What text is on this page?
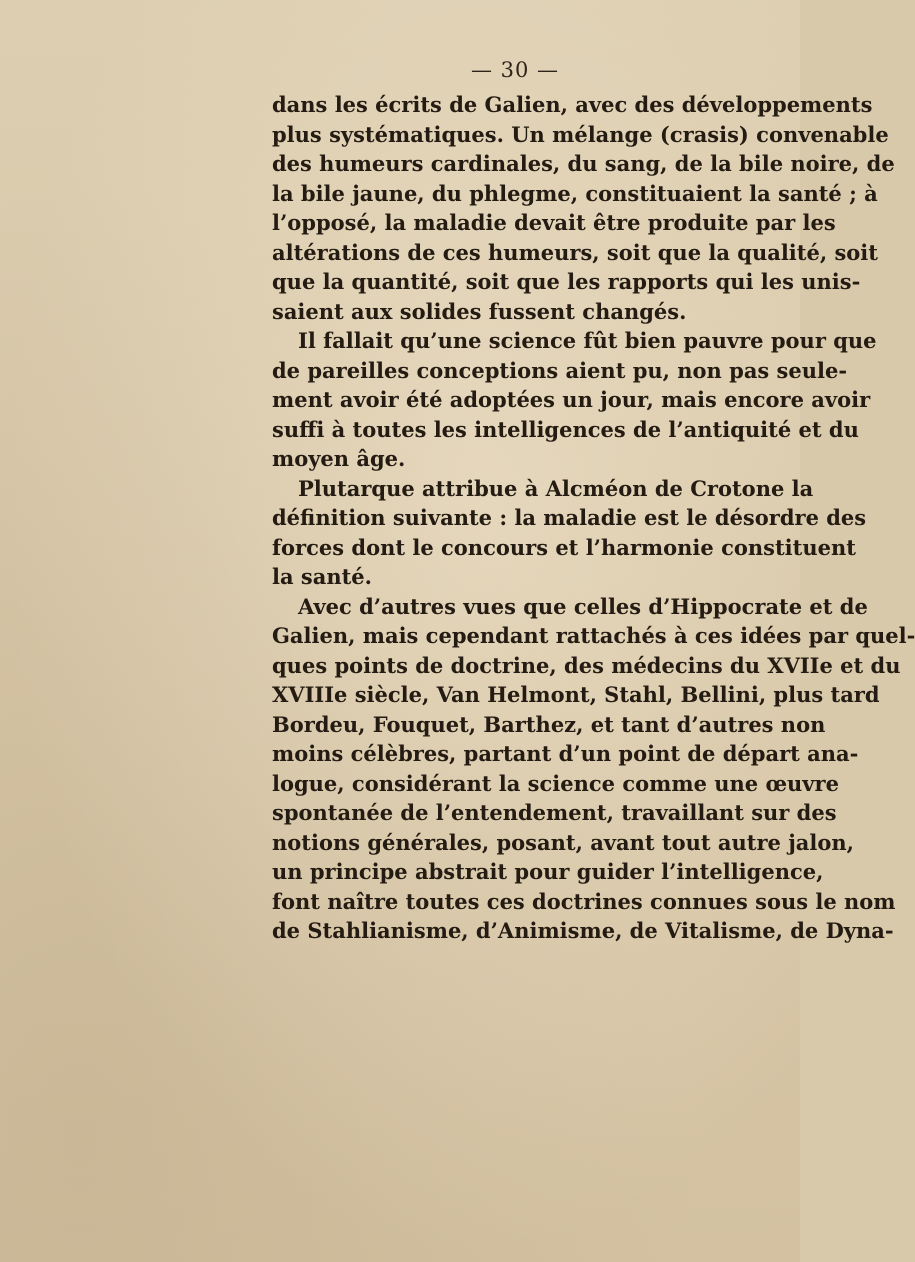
— 30 —
dans les écrits de Galien, avec des développements
plus systématiques. Un mélange (crasis) convenable
des humeurs cardinales, du sang, de la bile noire, de
la bile jaune, du phlegme, constituaient la santé ; à
l’opposé, la maladie devait être produite par les
altérations de ces humeurs, soit que la qualité, soit
que la quantité, soit que les rapports qui les unis-
saient aux solides fussent changés.
Il fallait qu’une science fût bien pauvre pour que
de pareilles conceptions aient pu, non pas seule-
ment avoir été adoptées un jour, mais encore avoir
suffi à toutes les intelligences de l’antiquité et du
moyen âge.
Plutarque attribue à Alcméon de Crotone la
définition suivante : la maladie est le désordre des
forces dont le concours et l’harmonie constituent
la santé.
Avec d’autres vues que celles d’Hippocrate et de
Galien, mais cependant rattachés à ces idées par quel-
ques points de doctrine, des médecins du XVIIe et du
XVIIIe siècle, Van Helmont, Stahl, Bellini, plus tard
Bordeu, Fouquet, Barthez, et tant d’autres non
moins célèbres, partant d’un point de départ ana-
logue, considérant la science comme une œuvre
spontanée de l’entendement, travaillant sur des
notions générales, posant, avant tout autre jalon,
un principe abstrait pour guider l’intelligence,
font naître toutes ces doctrines connues sous le nom
de Stahlianisme, d’Animisme, de Vitalisme, de Dyna-
